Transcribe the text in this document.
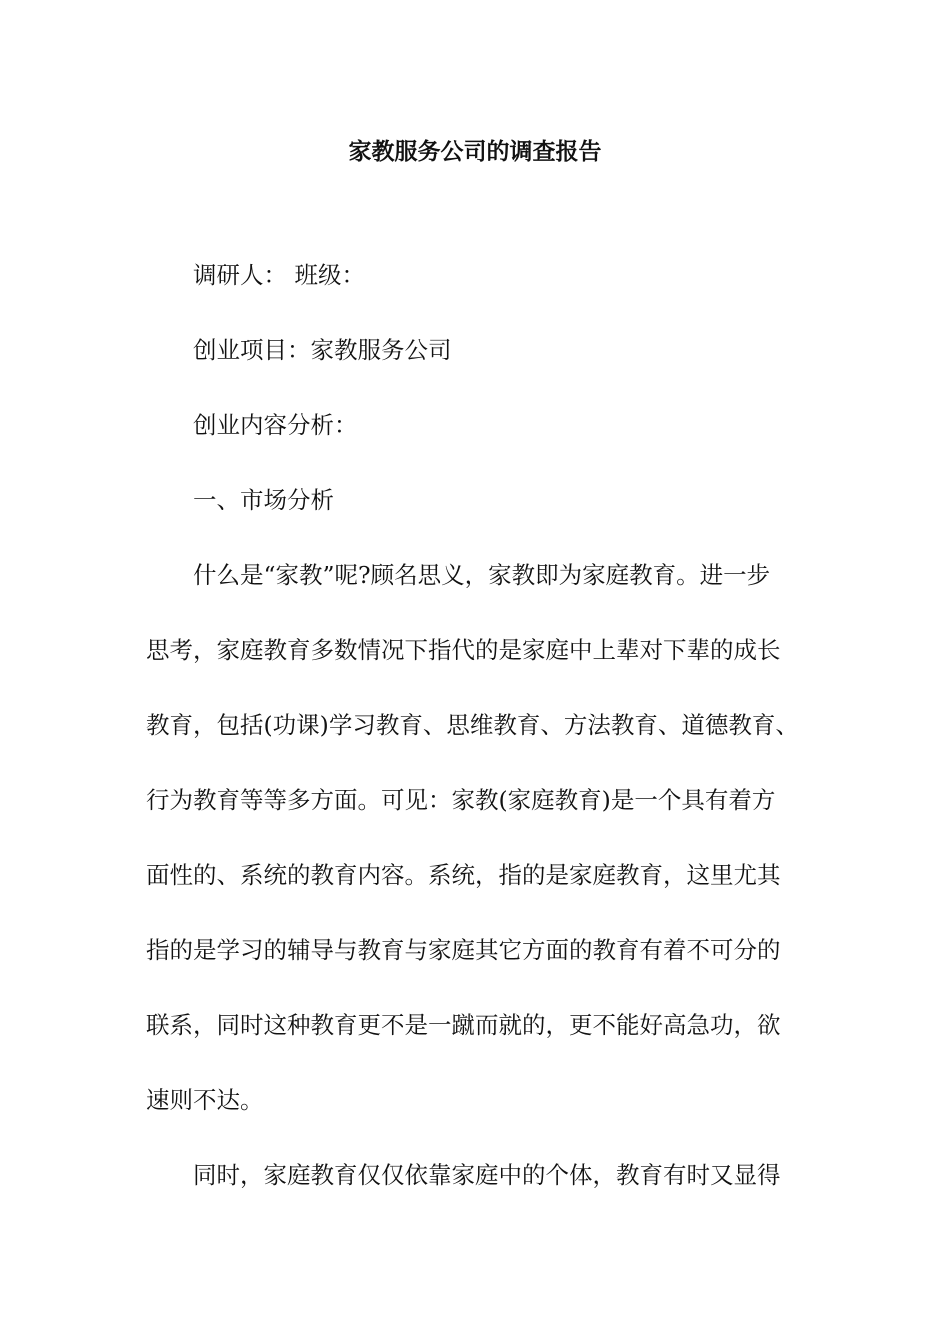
家教服务公司的调查报告

调研人： 班级：

创业项目：家教服务公司

创业内容分析：

一、市场分析

什么是“家教”呢?顾名思义，家教即为家庭教育。进一步

思考，家庭教育多数情况下指代的是家庭中上辈对下辈的成长

教育，包括(功课)学习教育、思维教育、方法教育、道德教育、

行为教育等等多方面。可见：家教(家庭教育)是一个具有着方

面性的、系统的教育内容。系统，指的是家庭教育，这里尤其

指的是学习的辅导与教育与家庭其它方面的教育有着不可分的

联系，同时这种教育更不是一蹴而就的，更不能好高急功，欲

速则不达。

同时，家庭教育仅仅依靠家庭中的个体，教育有时又显得
